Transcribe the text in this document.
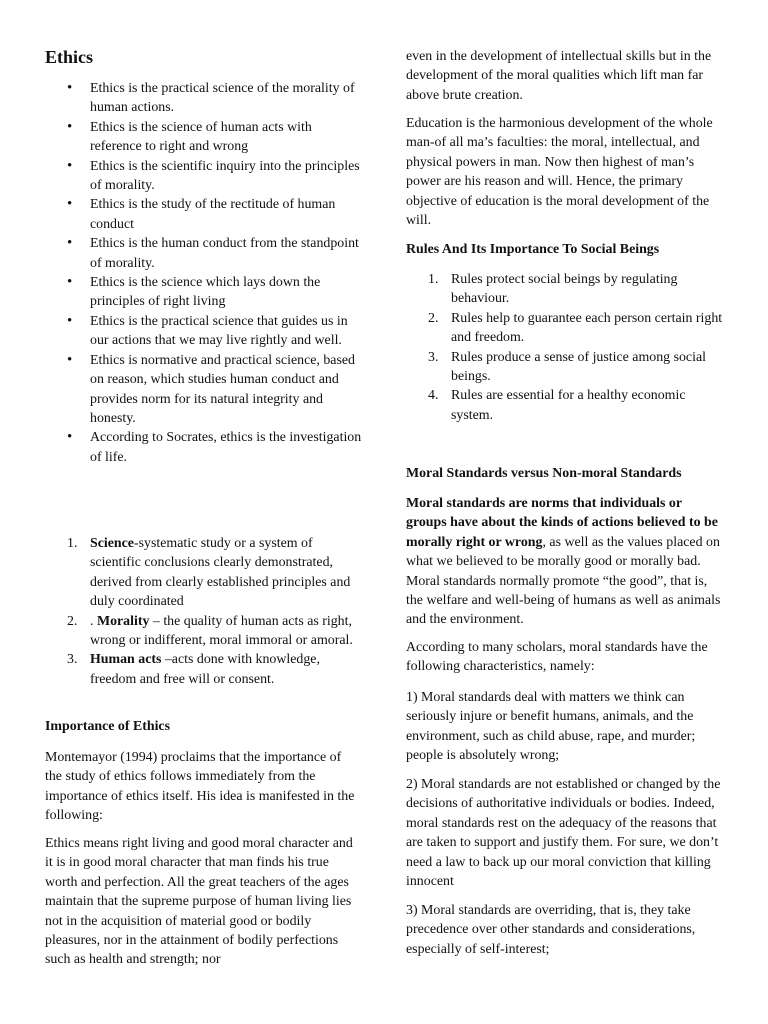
Ethics
• Ethics is the practical science of the morality of human actions.
• Ethics is the science of human acts with reference to right and wrong
• Ethics is the scientific inquiry into the principles of morality.
• Ethics is the study of the rectitude of human conduct
• Ethics is the human conduct from the standpoint of morality.
• Ethics is the science which lays down the principles of right living
• Ethics is the practical science that guides us in our actions that we may live rightly and well.
• Ethics is normative and practical science, based on reason, which studies human conduct and provides norm for its natural integrity and honesty.
• According to Socrates, ethics is the investigation of life.
1. Science-systematic study or a system of scientific conclusions clearly demonstrated, derived from clearly established principles and duly coordinated
2. . Morality – the quality of human acts as right, wrong or indifferent, moral immoral or amoral.
3. Human acts –acts done with knowledge, freedom and free will or consent.

Importance of Ethics

Montemayor (1994) proclaims that the importance of the study of ethics follows immediately from the importance of ethics itself. His idea is manifested in the following:

Ethics means right living and good moral character and it is in good moral character that man finds his true worth and perfection. All the great teachers of the ages maintain that the supreme purpose of human living lies not in the acquisition of material good or bodily pleasures, nor in the attainment of bodily perfections such as health and strength; nor

even in the development of intellectual skills but in the development of the moral qualities which lift man far above brute creation.

Education is the harmonious development of the whole man-of all ma’s faculties: the moral, intellectual, and physical powers in man. Now then highest of man’s power are his reason and will. Hence, the primary objective of education is the moral development of the will.

Rules And Its Importance To Social Beings

1. Rules protect social beings by regulating behaviour.
2. Rules help to guarantee each person certain right and freedom.
3. Rules produce a sense of justice among social beings.
4. Rules are essential for a healthy economic system.

Moral Standards versus Non-moral Standards

Moral standards are norms that individuals or groups have about the kinds of actions believed to be morally right or wrong, as well as the values placed on what we believed to be morally good or morally bad. Moral standards normally promote “the good”, that is, the welfare and well-being of humans as well as animals and the environment.

According to many scholars, moral standards have the following characteristics, namely:

1) Moral standards deal with matters we think can seriously injure or benefit humans, animals, and the environment, such as child abuse, rape, and murder; people is absolutely wrong;

2) Moral standards are not established or changed by the decisions of authoritative individuals or bodies. Indeed, moral standards rest on the adequacy of the reasons that are taken to support and justify them. For sure, we don’t need a law to back up our moral conviction that killing innocent

3) Moral standards are overriding, that is, they take precedence over other standards and considerations, especially of self-interest;
